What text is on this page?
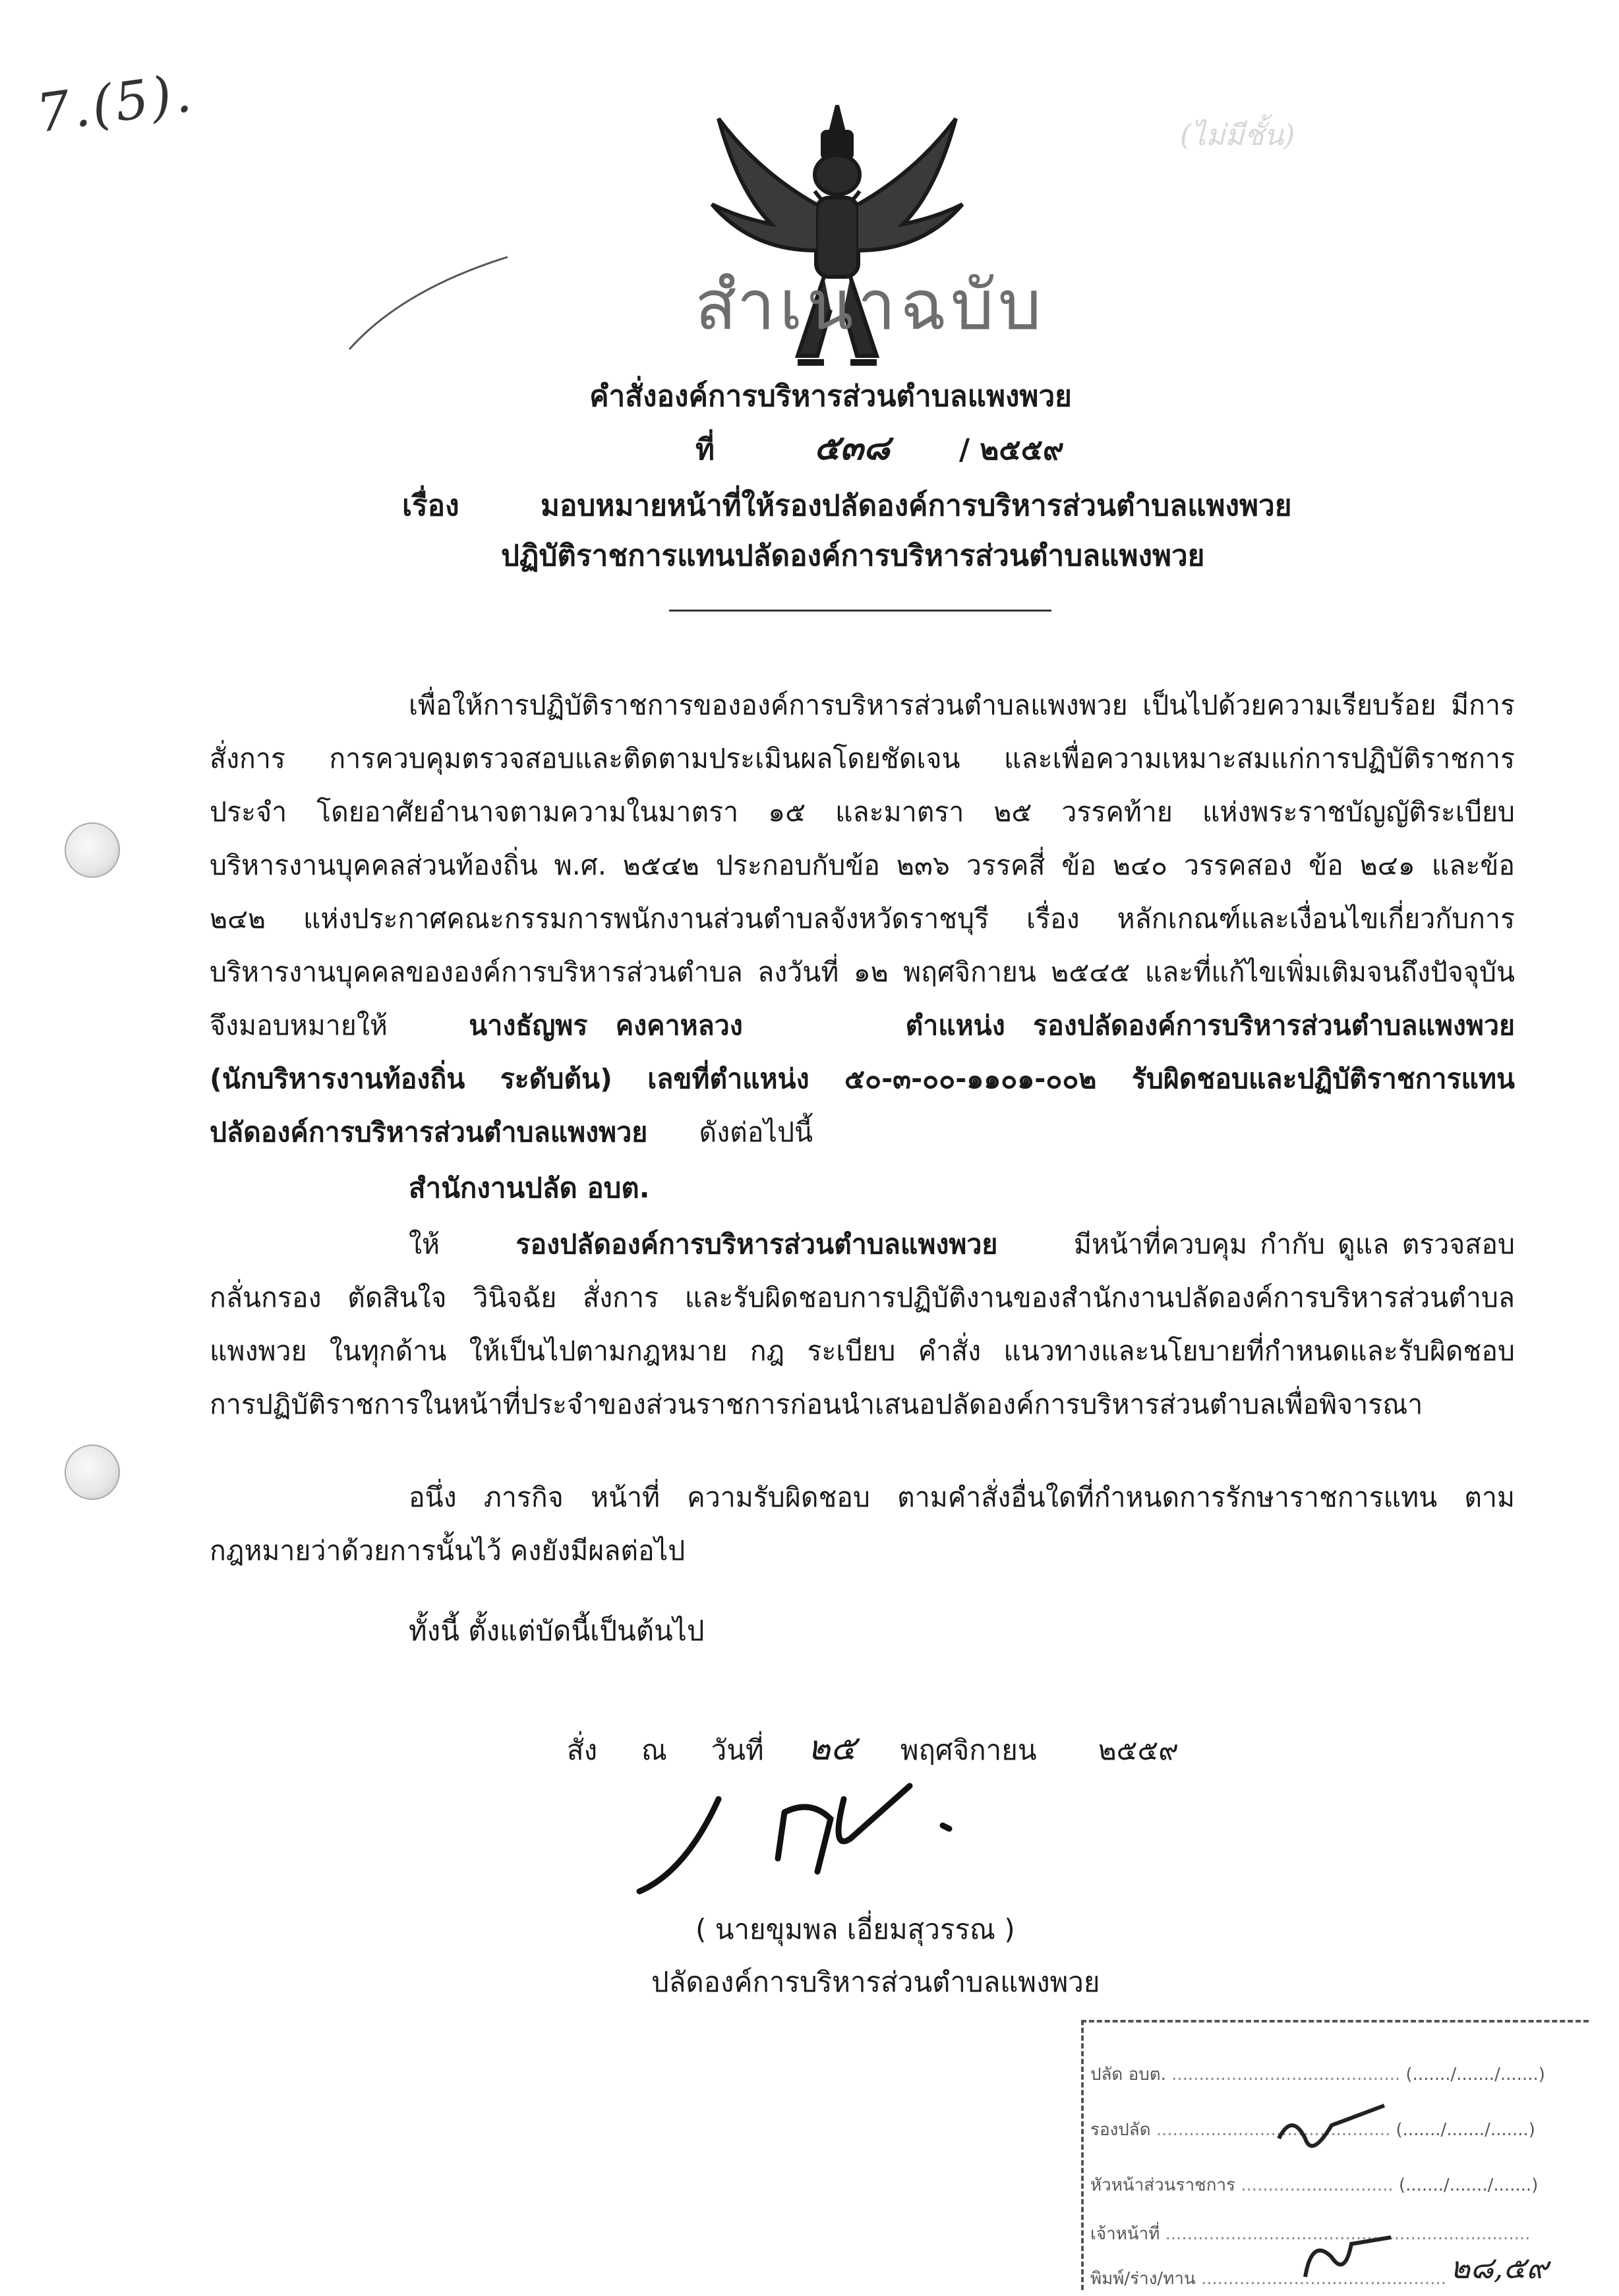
7.(5).	(ไม่มีชั้น)
สำเนาฉบับ
คำสั่งองค์การบริหารส่วนตำบลแพงพวย
ที่	๕๓๘ / ๒๕๕๙
เรื่อง	มอบหมายหน้าที่ให้รองปลัดองค์การบริหารส่วนตำบลแพงพวย
ปฏิบัติราชการแทนปลัดองค์การบริหารส่วนตำบลแพงพวย
เพื่อให้การปฏิบัติราชการขององค์การบริหารส่วนตำบลแพงพวย เป็นไปด้วยความเรียบร้อย มีการ
สั่งการ การควบคุมตรวจสอบและติดตามประเมินผลโดยชัดเจน และเพื่อความเหมาะสมแก่การปฏิบัติราชการ
ประจำ โดยอาศัยอำนาจตามความในมาตรา ๑๕ และมาตรา ๒๕ วรรคท้าย แห่งพระราชบัญญัติระเบียบ
บริหารงานบุคคลส่วนท้องถิ่น พ.ศ. ๒๕๔๒ ประกอบกับข้อ ๒๓๖ วรรคสี่ ข้อ ๒๔๐ วรรคสอง ข้อ ๒๔๑ และข้อ
๒๔๒ แห่งประกาศคณะกรรมการพนักงานส่วนตำบลจังหวัดราชบุรี เรื่อง หลักเกณฑ์และเงื่อนไขเกี่ยวกับการ
บริหารงานบุคคลขององค์การบริหารส่วนตำบล ลงวันที่ ๑๒ พฤศจิกายน ๒๕๔๕ และที่แก้ไขเพิ่มเติมจนถึงปัจจุบัน
จึงมอบหมายให้	นางธัญพร คงคาหลวง	ตำแหน่ง รองปลัดองค์การบริหารส่วนตำบลแพงพวย
(นักบริหารงานท้องถิ่น ระดับต้น) เลขที่ตำแหน่ง ๕๐-๓-๐๐-๑๑๐๑-๐๐๒ รับผิดชอบและปฏิบัติราชการแทน
ปลัดองค์การบริหารส่วนตำบลแพงพวย ดังต่อไปนี้
สำนักงานปลัด อบต.
ให้	รองปลัดองค์การบริหารส่วนตำบลแพงพวย	มีหน้าที่ควบคุม กำกับ ดูแล ตรวจสอบ
กลั่นกรอง ตัดสินใจ วินิจฉัย สั่งการ และรับผิดชอบการปฏิบัติงานของสำนักงานปลัดองค์การบริหารส่วนตำบล
แพงพวย ในทุกด้าน ให้เป็นไปตามกฎหมาย กฎ ระเบียบ คำสั่ง แนวทางและนโยบายที่กำหนดและรับผิดชอบ
การปฏิบัติราชการในหน้าที่ประจำของส่วนราชการก่อนนำเสนอปลัดองค์การบริหารส่วนตำบลเพื่อพิจารณา
อนึ่ง ภารกิจ หน้าที่ ความรับผิดชอบ ตามคำสั่งอื่นใดที่กำหนดการรักษาราชการแทน ตาม
กฎหมายว่าด้วยการนั้นไว้ คงยังมีผลต่อไป
ทั้งนี้ ตั้งแต่บัดนี้เป็นต้นไป
สั่ง ณ วันที่ ๒๕ พฤศจิกายน ๒๕๕๙
( นายขุมพล เอี่ยมสุวรรณ )
ปลัดองค์การบริหารส่วนตำบลแพงพวย
ปลัด อบต. .......................................... (......./......./.......)
รองปลัด ........................................... (......./......./.......)
หัวหน้าส่วนราชการ ............................ (......./......./.......)
เจ้าหน้าที่ ...................................................................
พิมพ์/ร่าง/ทาน ............................................. ๒๘,๕๙
